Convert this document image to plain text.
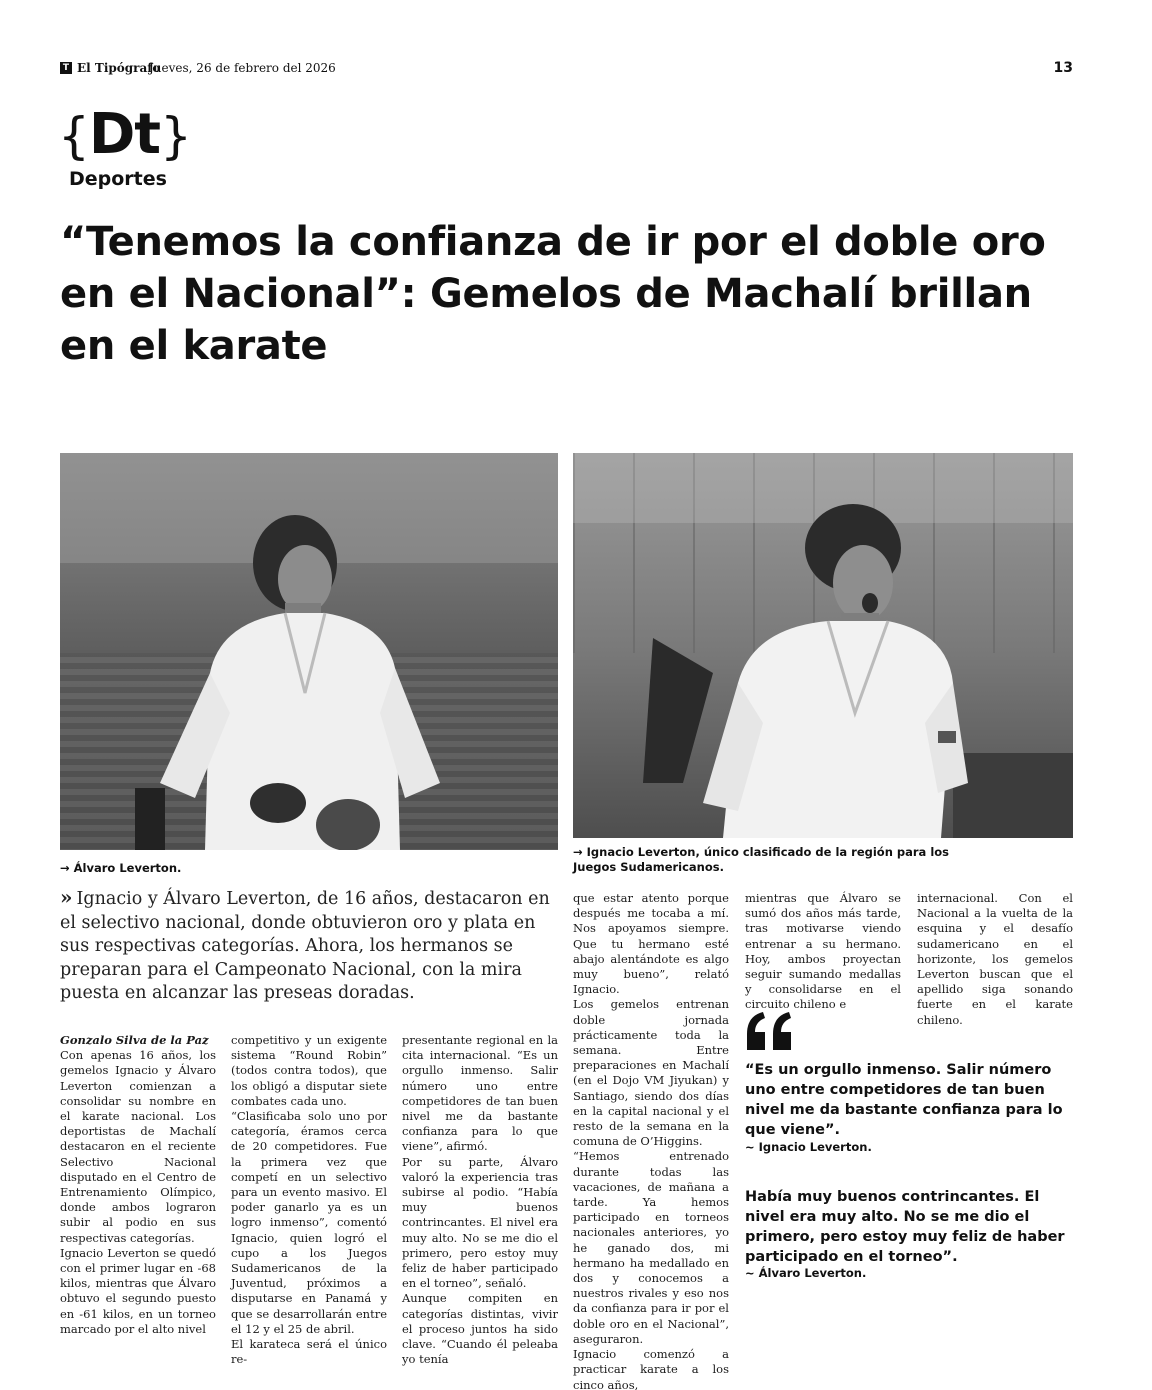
T El Tipógrafo
Jueves, 26 de febrero del 2026	13
{Dt}
Deportes
“Tenemos la confianza de ir por el doble oro en el Nacional”: Gemelos de Machalí brillan en el karate
→ Álvaro Leverton.
→ Ignacio Leverton, único clasificado de la región para los Juegos Sudamericanos.

» Ignacio y Álvaro Leverton, de 16 años, destacaron en el selectivo nacional, donde obtuvieron oro y plata en sus respectivas categorías. Ahora, los hermanos se preparan para el Campeonato Nacional, con la mira puesta en alcanzar las preseas doradas.

Gonzalo Silva de la Paz

Con apenas 16 años, los gemelos Ignacio y Álvaro Leverton comienzan a consolidar su nombre en el karate nacional. Los deportistas de Machalí destacaron en el reciente Selectivo Nacional disputado en el Centro de Entrenamiento Olímpico, donde ambos lograron subir al podio en sus respectivas categorías.

Ignacio Leverton se quedó con el primer lugar en -68 kilos, mientras que Álvaro obtuvo el segundo puesto en -61 kilos, en un torneo marcado por el alto nivel

competitivo y un exigente sistema “Round Robin” (todos contra todos), que los obligó a disputar siete combates cada uno.

“Clasificaba solo uno por categoría, éramos cerca de 20 competidores. Fue la primera vez que competí en un selectivo para un evento masivo. El poder ganarlo ya es un logro inmenso”, comentó Ignacio, quien logró el cupo a los Juegos Sudamericanos de la Juventud, próximos a disputarse en Panamá y que se desarrollarán entre el 12 y el 25 de abril.

El karateca será el único re-

presentante regional en la cita internacional. “Es un orgullo inmenso. Salir número uno entre competidores de tan buen nivel me da bastante confianza para lo que viene”, afirmó.

Por su parte, Álvaro valoró la experiencia tras subirse al podio. “Había muy buenos contrincantes. El nivel era muy alto. No se me dio el primero, pero estoy muy feliz de haber participado en el torneo”, señaló.

Aunque compiten en categorías distintas, vivir el proceso juntos ha sido clave. “Cuando él peleaba yo tenía

que estar atento porque después me tocaba a mí. Nos apoyamos siempre. Que tu hermano esté abajo alentándote es algo muy bueno”, relató Ignacio.

Los gemelos entrenan doble jornada prácticamente toda la semana. Entre preparaciones en Machalí (en el Dojo VM Jiyukan) y Santiago, siendo dos días en la capital nacional y el resto de la semana en la comuna de O’Higgins.

“Hemos entrenado durante todas las vacaciones, de mañana a tarde. Ya hemos participado en torneos nacionales anteriores, yo he ganado dos, mi hermano ha medallado en dos y conocemos a nuestros rivales y eso nos da confianza para ir por el doble oro en el Nacional”, aseguraron.

Ignacio comenzó a practicar karate a los cinco años,

mientras que Álvaro se sumó dos años más tarde, tras motivarse viendo entrenar a su hermano. Hoy, ambos proyectan seguir sumando medallas y consolidarse en el circuito chileno e

internacional. Con el Nacional a la vuelta de la esquina y el desafío sudamericano en el horizonte, los gemelos Leverton buscan que el apellido siga sonando fuerte en el karate chileno.

“Es un orgullo inmenso. Salir número uno entre competidores de tan buen nivel me da bastante confianza para lo que viene”.

~ Ignacio Leverton.

Había muy buenos contrincantes. El nivel era muy alto. No se me dio el primero, pero estoy muy feliz de haber participado en el torneo”.

~ Álvaro Leverton.
